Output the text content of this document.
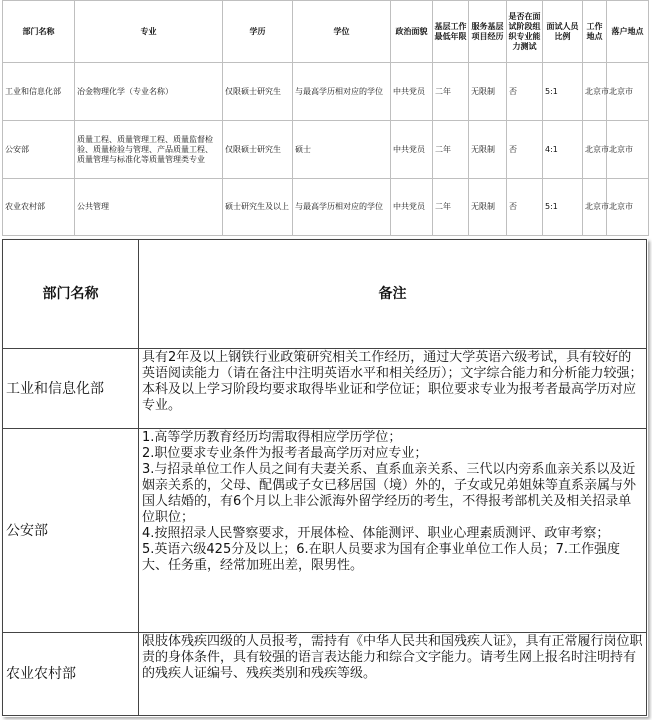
部门名称	专业	学历	学位	政治面貌	基层工作最低年限	服务基层项目经历	是否在面试阶段组织专业能力测试	面试人员比例	工作地点	落户地点
工业和信息化部	冶金物理化学（专业名称）	仅限硕士研究生	与最高学历相对应的学位	中共党员	二年	无限制	否	5:1	北京市	北京市
公安部	质量工程、质量管理工程、质量监督检验、质量检验与管理、产品质量工程、质量管理与标准化等质量管理类专业	仅限硕士研究生	硕士	中共党员	二年	无限制	否	4:1	北京市	北京市
农业农村部	公共管理	硕士研究生及以上	与最高学历相对应的学位	中共党员	二年	无限制	否	5:1	北京市	北京市
部门名称	备注
工业和信息化部	具有2年及以上钢铁行业政策研究相关工作经历，通过大学英语六级考试，具有较好的英语阅读能力（请在备注中注明英语水平和相关经历）；文字综合能力和分析能力较强；本科及以上学习阶段均要求取得毕业证和学位证；职位要求专业为报考者最高学历对应专业。

公安部	1.高等学历教育经历均需取得相应学历学位；
2.职位要求专业条件为报考者最高学历对应专业；
3.与招录单位工作人员之间有夫妻关系、直系血亲关系、三代以内旁系血亲关系以及近姻亲关系的，父母、配偶或子女已移居国（境）外的，子女或兄弟姐妹等直系亲属与外国人结婚的，有6个月以上非公派海外留学经历的考生，不得报考部机关及相关招录单位职位；
4.按照招录人民警察要求，开展体检、体能测评、职业心理素质测评、政审考察；
5.英语六级425分及以上；6.在职人员要求为国有企事业单位工作人员；7.工作强度大、任务重，经常加班出差，限男性。

农业农村部	限肢体残疾四级的人员报考，需持有《中华人民共和国残疾人证》，具有正常履行岗位职责的身体条件，具有较强的语言表达能力和综合文字能力。请考生网上报名时注明持有的残疾人证编号、残疾类别和残疾等级。
